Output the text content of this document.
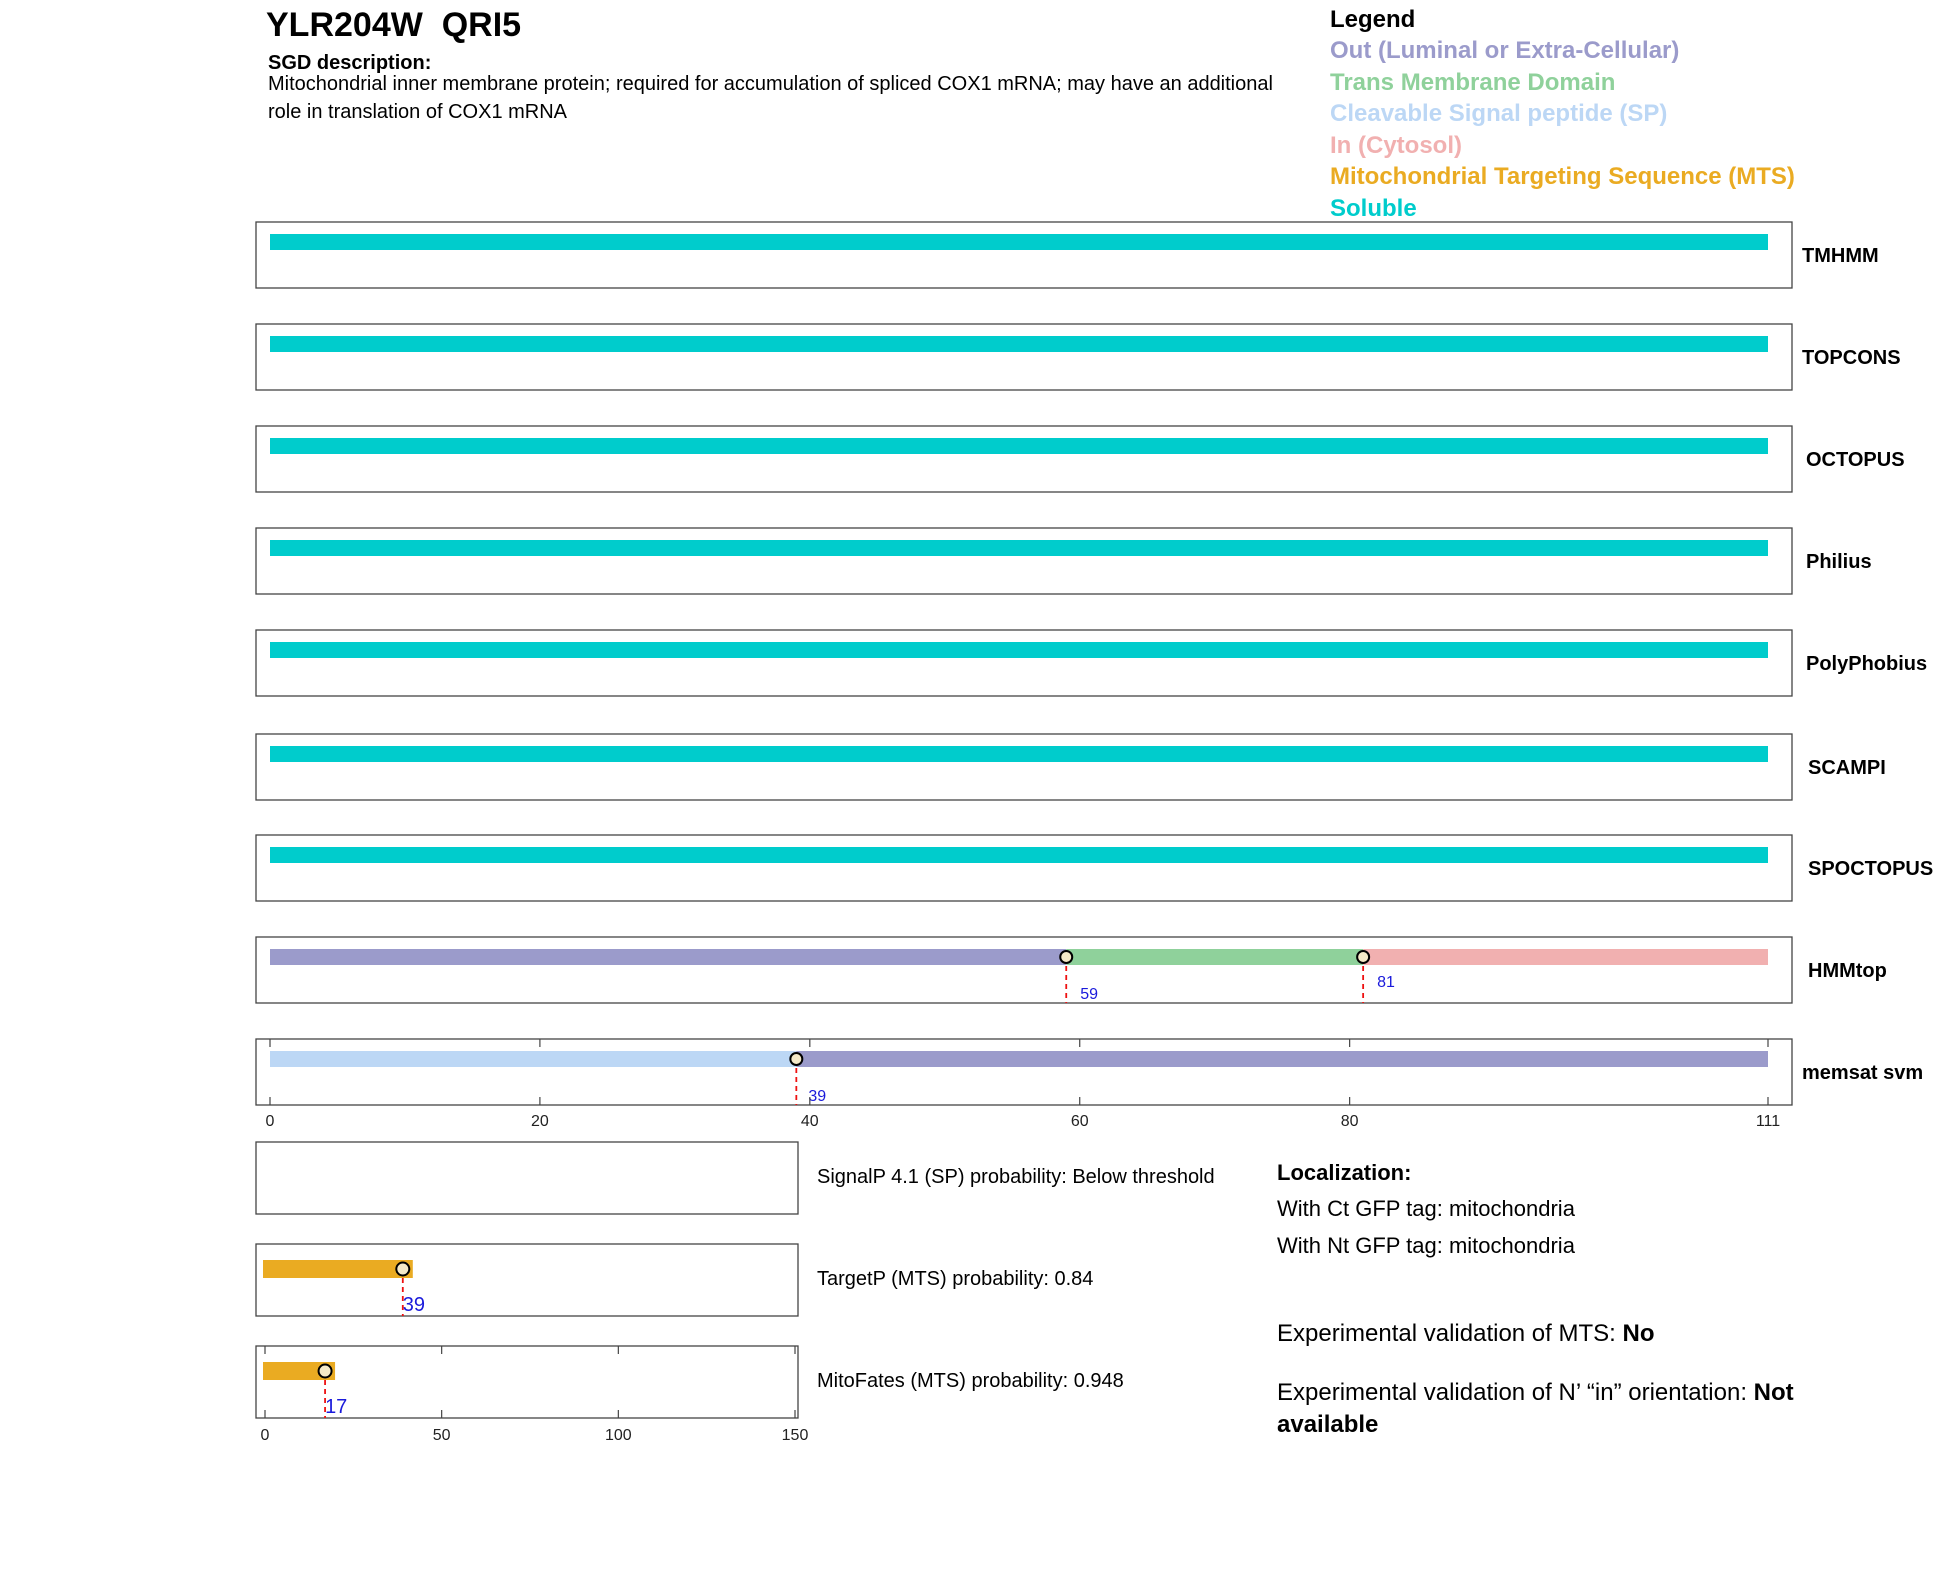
YLR204W QRI5
SGD description:
Mitochondrial inner membrane protein; required for accumulation of spliced COX1 mRNA; may have an additional role in translation of COX1 mRNA
Legend
Out (Luminal or Extra-Cellular)
Trans Membrane Domain
Cleavable Signal peptide (SP)
In (Cytosol)
Mitochondrial Targeting Sequence (MTS)
Soluble
TMHMM
TOPCONS
OCTOPUS
Philius
PolyPhobius
SCAMPI
SPOCTOPUS
59
81
HMMtop
39
memsat svm
0	20	40	60	80	111
39
17
0	50	100	150
SignalP 4.1 (SP) probability: Below threshold
TargetP (MTS) probability: 0.84
MitoFates (MTS) probability: 0.948
Localization:
With Ct GFP tag: mitochondria
With Nt GFP tag: mitochondria
Experimental validation of MTS: No
Experimental validation of N’ “in” orientation: Not available
